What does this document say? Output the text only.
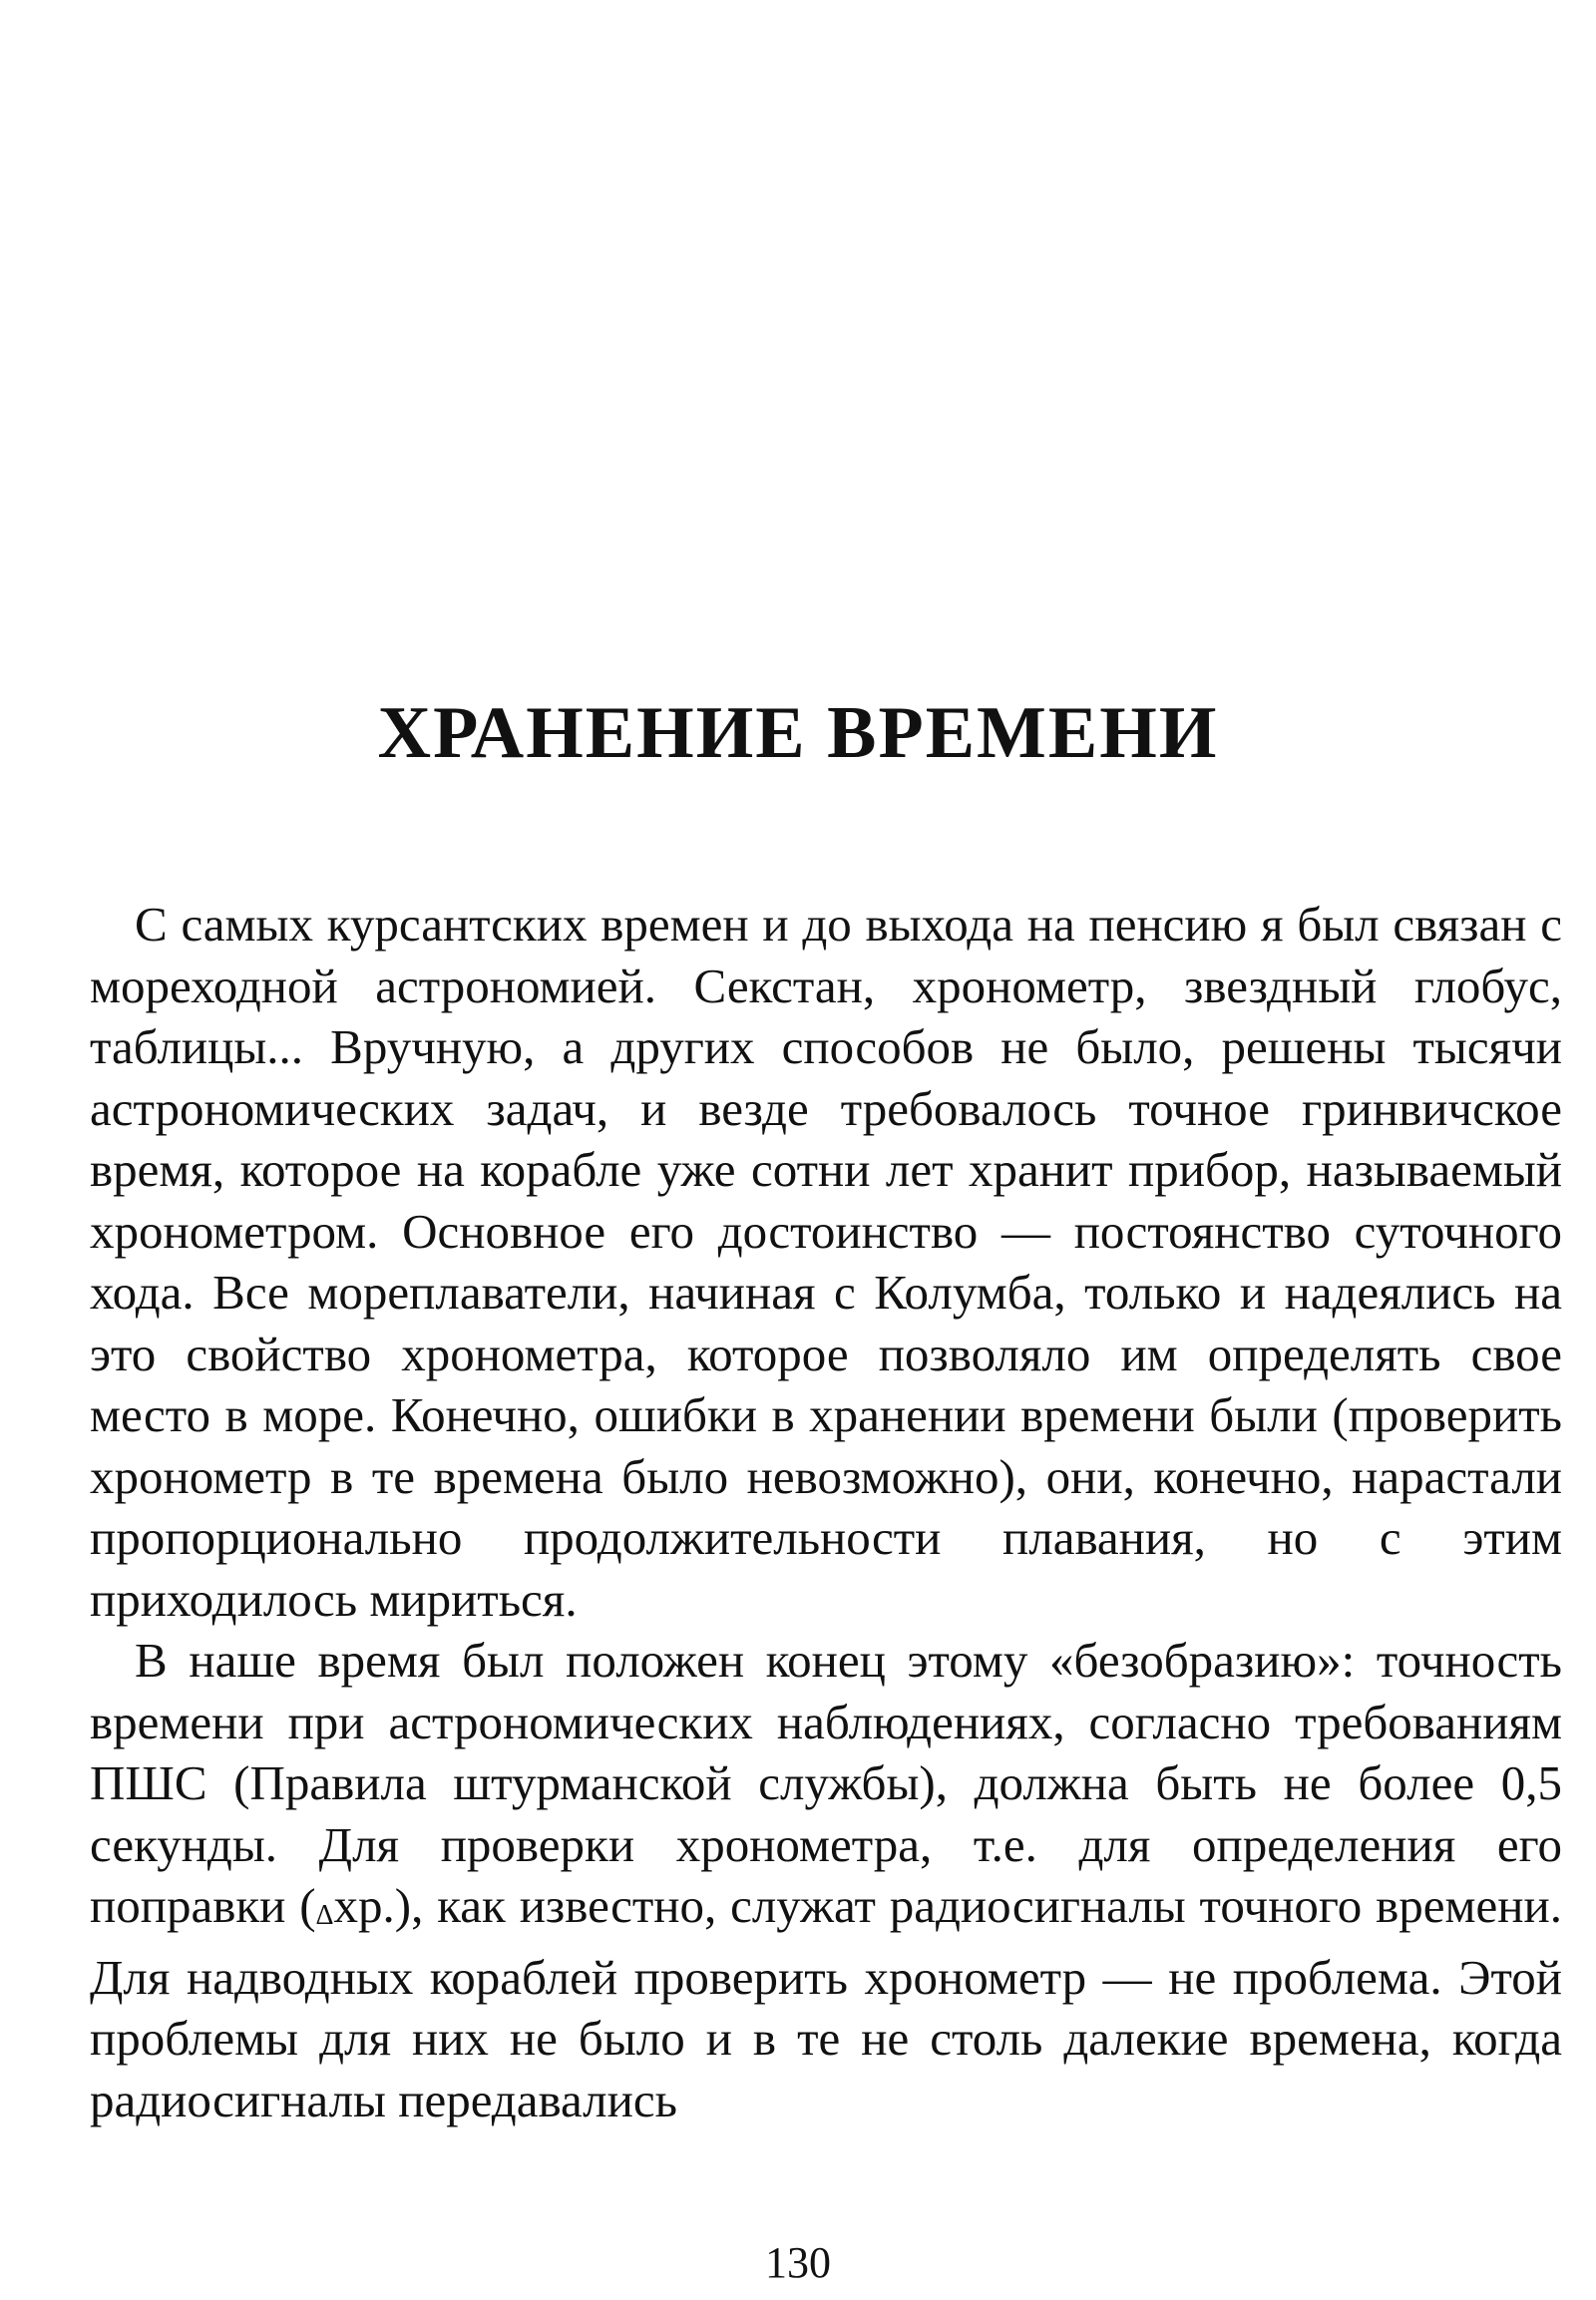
ХРАНЕНИЕ ВРЕМЕНИ

С самых курсантских времен и до выхода на пенсию я был связан с мореходной астрономией. Секстан, хронометр, звездный глобус, таблицы... Вручную, а других способов не было, решены тысячи астрономических задач, и везде требовалось точное гринвичское время, которое на корабле уже сотни лет хранит прибор, называемый хронометром. Основное его достоинство — постоянство суточного хода. Все мореплаватели, начиная с Колумба, только и надеялись на это свойство хронометра, которое позволяло им определять свое место в море. Конечно, ошибки в хранении времени были (проверить хронометр в те времена было невозможно), они, конечно, нарастали пропорционально продолжительности плавания, но с этим приходилось мириться.

В наше время был положен конец этому «безобразию»: точность времени при астрономических наблюдениях, согласно требованиям ПШС (Правила штурманской службы), должна быть не более 0,5 секунды. Для проверки хронометра, т.е. для определения его поправки (Δхр.), как известно, служат радиосигналы точного времени. Для надводных кораблей проверить хронометр — не проблема. Этой проблемы для них не было и в те не столь далекие времена, когда радиосигналы передавались

130
